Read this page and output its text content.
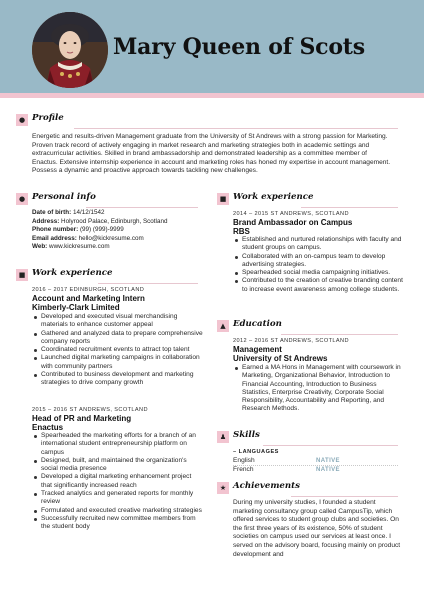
Mary Queen of Scots
● Profile
Energetic and results-driven Management graduate from the University of St Andrews with a strong passion for Marketing. Proven track record of actively engaging in market research and marketing strategies both in academic settings and extracurricular activities. Skilled in brand ambassadorship and demonstrated leadership as a committee member of Enactus. Extensive internship experience in account and marketing roles has honed my expertise in account management. Possess a dynamic and proactive approach towards tackling new challenges.
● Personal info
Date of birth: 14/12/1542
Address: Holyrood Palace, Edinburgh, Scotland
Phone number: (99) (999)-9999
Email address: hello@kickresume.com
Web: www.kickresume.com
■ Work experience
2016 – 2017 EDINBURGH, SCOTLAND
Account and Marketing Intern
Kimberly-Clark Limited
Developed and executed visual merchandising materials to enhance customer appeal
Gathered and analyzed data to prepare comprehensive company reports
Coordinated recruitment events to attract top talent
Launched digital marketing campaigns in collaboration with community partners
Contributed to business development and marketing strategies to drive company growth
2015 – 2016 ST ANDREWS, SCOTLAND
Head of PR and Marketing
Enactus
Spearheaded the marketing efforts for a branch of an international student entrepreneurship platform on campus
Designed, built, and maintained the organization's social media presence
Developed a digital marketing enhancement project that significantly increased reach
Tracked analytics and generated reports for monthly review
Formulated and executed creative marketing strategies
Successfully recruited new committee members from the student body
■ Work experience
2014 – 2015 ST ANDREWS, SCOTLAND
Brand Ambassador on Campus
RBS
Established and nurtured relationships with faculty and student groups on campus.
Collaborated with an on-campus team to develop advertising strategies.
Spearheaded social media campaigning initiatives.
Contributed to the creation of creative branding content to increase event awareness among college students.
▲ Education
2012 – 2016 ST ANDREWS, SCOTLAND
Management
University of St Andrews
Earned a MA Hons in Management with coursework in Marketing, Organizational Behavior, Introduction to Financial Accounting, Introduction to Business Statistics, Enterprise Creativity, Corporate Social Responsibility, Accountability and Reporting, and Research Methods.
♟ Skills
– LANGUAGES
English	NATIVE
French	NATIVE
★ Achievements
During my university studies, I founded a student marketing consultancy group called CampusTip, which offered services to student group clubs and societies. On the first three years of its existence, 50% of student societies on campus used our services at least once. I served on the advisory board, focusing mainly on product development and
